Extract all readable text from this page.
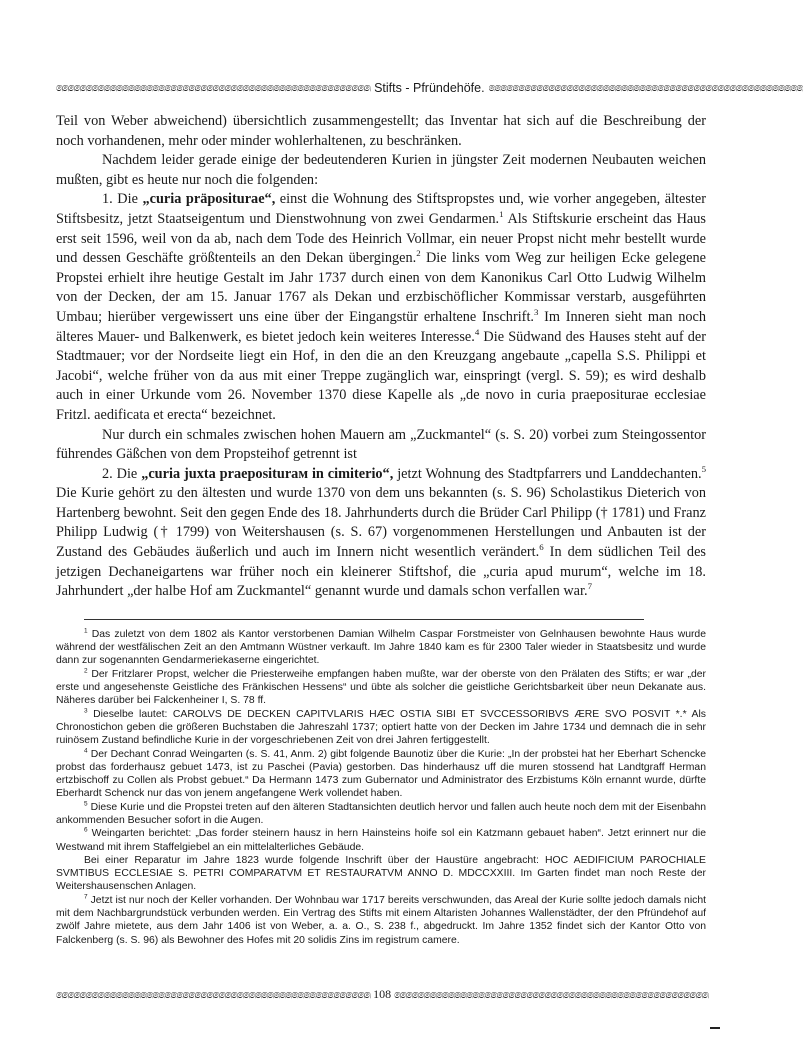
෧෧෧෧෧෧෧෧෧෧෧෧෧෧෧෧෧෧෧෧෧෧෧෧෧෧෧෧෧෧෧෧෧෧෧෧෧෧෧෧෧෧෧෧෧෧෧෧෧෧෧෧ Stifts - Pfründehöfe. ෧෧෧෧෧෧෧෧෧෧෧෧෧෧෧෧෧෧෧෧෧෧෧෧෧෧෧෧෧෧෧෧෧෧෧෧෧෧෧෧෧෧෧෧෧෧෧෧෧෧෧෧

Teil von Weber abweichend) übersichtlich zusammengestellt; das Inventar hat sich auf die Beschreibung der noch vorhandenen, mehr oder minder wohlerhaltenen, zu beschränken.

Nachdem leider gerade einige der bedeutenderen Kurien in jüngster Zeit modernen Neubauten weichen mußten, gibt es heute nur noch die folgenden:

1. Die „curia präpositurae“, einst die Wohnung des Stiftspropstes und, wie vorher angegeben, ältester Stiftsbesitz, jetzt Staatseigentum und Dienstwohnung von zwei Gendarmen.$^1$ Als Stiftskurie erscheint das Haus erst seit 1596, weil von da ab, nach dem Tode des Heinrich Vollmar, ein neuer Propst nicht mehr bestellt wurde und dessen Geschäfte größtenteils an den Dekan übergingen.$^2$ Die links vom Weg zur heiligen Ecke gelegene Propstei erhielt ihre heutige Gestalt im Jahr 1737 durch einen von dem Kanonikus Carl Otto Ludwig Wilhelm von der Decken, der am 15. Januar 1767 als Dekan und erzbischöflicher Kommissar verstarb, ausgeführten Umbau; hierüber vergewissert uns eine über der Eingangstür erhaltene Inschrift.$^3$ Im Inneren sieht man noch älteres Mauer- und Balkenwerk, es bietet jedoch kein weiteres Interesse.$^4$ Die Südwand des Hauses steht auf der Stadtmauer; vor der Nordseite liegt ein Hof, in den die an den Kreuzgang angebaute „capella S.S. Philippi et Jacobi“, welche früher von da aus mit einer Treppe zugänglich war, einspringt (vergl. S. 59); es wird deshalb auch in einer Urkunde vom 26. November 1370 diese Kapelle als „de novo in curia praepositurae ecclesiae Fritzl. aedificata et erecta“ bezeichnet.

Nur durch ein schmales zwischen hohen Mauern am „Zuckmantel“ (s. S. 20) vorbei zum Steingossentor führendes Gäßchen von dem Propsteihof getrennt ist

2. Die „curia juxta praepositurам in cimiterio“, jetzt Wohnung des Stadtpfarrers und Landdechanten.$^5$ Die Kurie gehört zu den ältesten und wurde 1370 von dem uns bekannten (s. S. 96) Scholastikus Dieterich von Hartenberg bewohnt. Seit den gegen Ende des 18. Jahrhunderts durch die Brüder Carl Philipp († 1781) und Franz Philipp Ludwig († 1799) von Weitershausen (s. S. 67) vorgenommenen Herstellungen und Anbauten ist der Zustand des Gebäudes äußerlich und auch im Innern nicht wesentlich verändert.$^6$ In dem südlichen Teil des jetzigen Dechaneigartens war früher noch ein kleinerer Stiftshof, die „curia apud murum“, welche im 18. Jahrhundert „der halbe Hof am Zuckmantel“ genannt wurde und damals schon verfallen war.$^7$

$^1$ Das zuletzt von dem 1802 als Kantor verstorbenen Damian Wilhelm Caspar Forstmeister von Gelnhausen bewohnte Haus wurde während der westfälischen Zeit an den Amtmann Wüstner verkauft. Im Jahre 1840 kam es für 2300 Taler wieder in Staatsbesitz und wurde dann zur sogenannten Gendarmeriekaserne eingerichtet.

$^2$ Der Fritzlarer Propst, welcher die Priesterweihe empfangen haben mußte, war der oberste von den Prälaten des Stifts; er war „der erste und angesehenste Geistliche des Fränkischen Hessens“ und übte als solcher die geistliche Gerichtsbarkeit über neun Dekanate aus. Näheres darüber bei Falckenheiner I, S. 78 ff.

$^3$ Dieselbe lautet: CAROLVS DE DECKEN CAPITVLARIS HÆC OSTIA SIBI ET SVCCESSORIBVS ÆRE SVO POSVIT *.* Als Chronostichon geben die größeren Buchstaben die Jahreszahl 1737; optiert hatte von der Decken im Jahre 1734 und demnach die in sehr ruinösem Zustand befindliche Kurie in der vorgeschriebenen Zeit von drei Jahren fertiggestellt.

$^4$ Der Dechant Conrad Weingarten (s. S. 41, Anm. 2) gibt folgende Baunotiz über die Kurie: „In der probstei hat her Eberhart Schencke probst das forderhausz gebuet 1473, ist zu Paschei (Pavia) gestorben. Das hinderhausz uff die muren stossend hat Landtgraff Herman ertzbischoff zu Collen als Probst gebuet.“ Da Hermann 1473 zum Gubernator und Administrator des Erzbistums Köln ernannt wurde, dürfte Eberhardt Schenck nur das von jenem angefangene Werk vollendet haben.

$^5$ Diese Kurie und die Propstei treten auf den älteren Stadtansichten deutlich hervor und fallen auch heute noch dem mit der Eisenbahn ankommenden Besucher sofort in die Augen.

$^6$ Weingarten berichtet: „Das forder steinern hausz in hern Hainsteins hoife sol ein Katzmann gebauet haben“. Jetzt erinnert nur die Westwand mit ihrem Staffelgiebel an ein mittelalterliches Gebäude.

Bei einer Reparatur im Jahre 1823 wurde folgende Inschrift über der Haustüre angebracht: HOC AEDIFICIUM PAROCHIALE SVMTIBUS ECCLESIAE S. PETRI COMPARATVM ET RESTAURATVM ANNO D. MDCCXXIII. Im Garten findet man noch Reste der Weitershausenschen Anlagen.

$^7$ Jetzt ist nur noch der Keller vorhanden. Der Wohnbau war 1717 bereits verschwunden, das Areal der Kurie sollte jedoch damals nicht mit dem Nachbargrundstück verbunden werden. Ein Vertrag des Stifts mit einem Altaristen Johannes Wallenstädter, der den Pfründehof auf zwölf Jahre mietete, aus dem Jahr 1406 ist von Weber, a. a. O., S. 238 f., abgedruckt. Im Jahre 1352 findet sich der Kantor Otto von Falckenberg (s. S. 96) als Bewohner des Hofes mit 20 solidis Zins im registrum camere.

෧෧෧෧෧෧෧෧෧෧෧෧෧෧෧෧෧෧෧෧෧෧෧෧෧෧෧෧෧෧෧෧෧෧෧෧෧෧෧෧෧෧෧෧෧෧෧෧෧෧෧෧ 108 ෧෧෧෧෧෧෧෧෧෧෧෧෧෧෧෧෧෧෧෧෧෧෧෧෧෧෧෧෧෧෧෧෧෧෧෧෧෧෧෧෧෧෧෧෧෧෧෧෧෧෧෧
